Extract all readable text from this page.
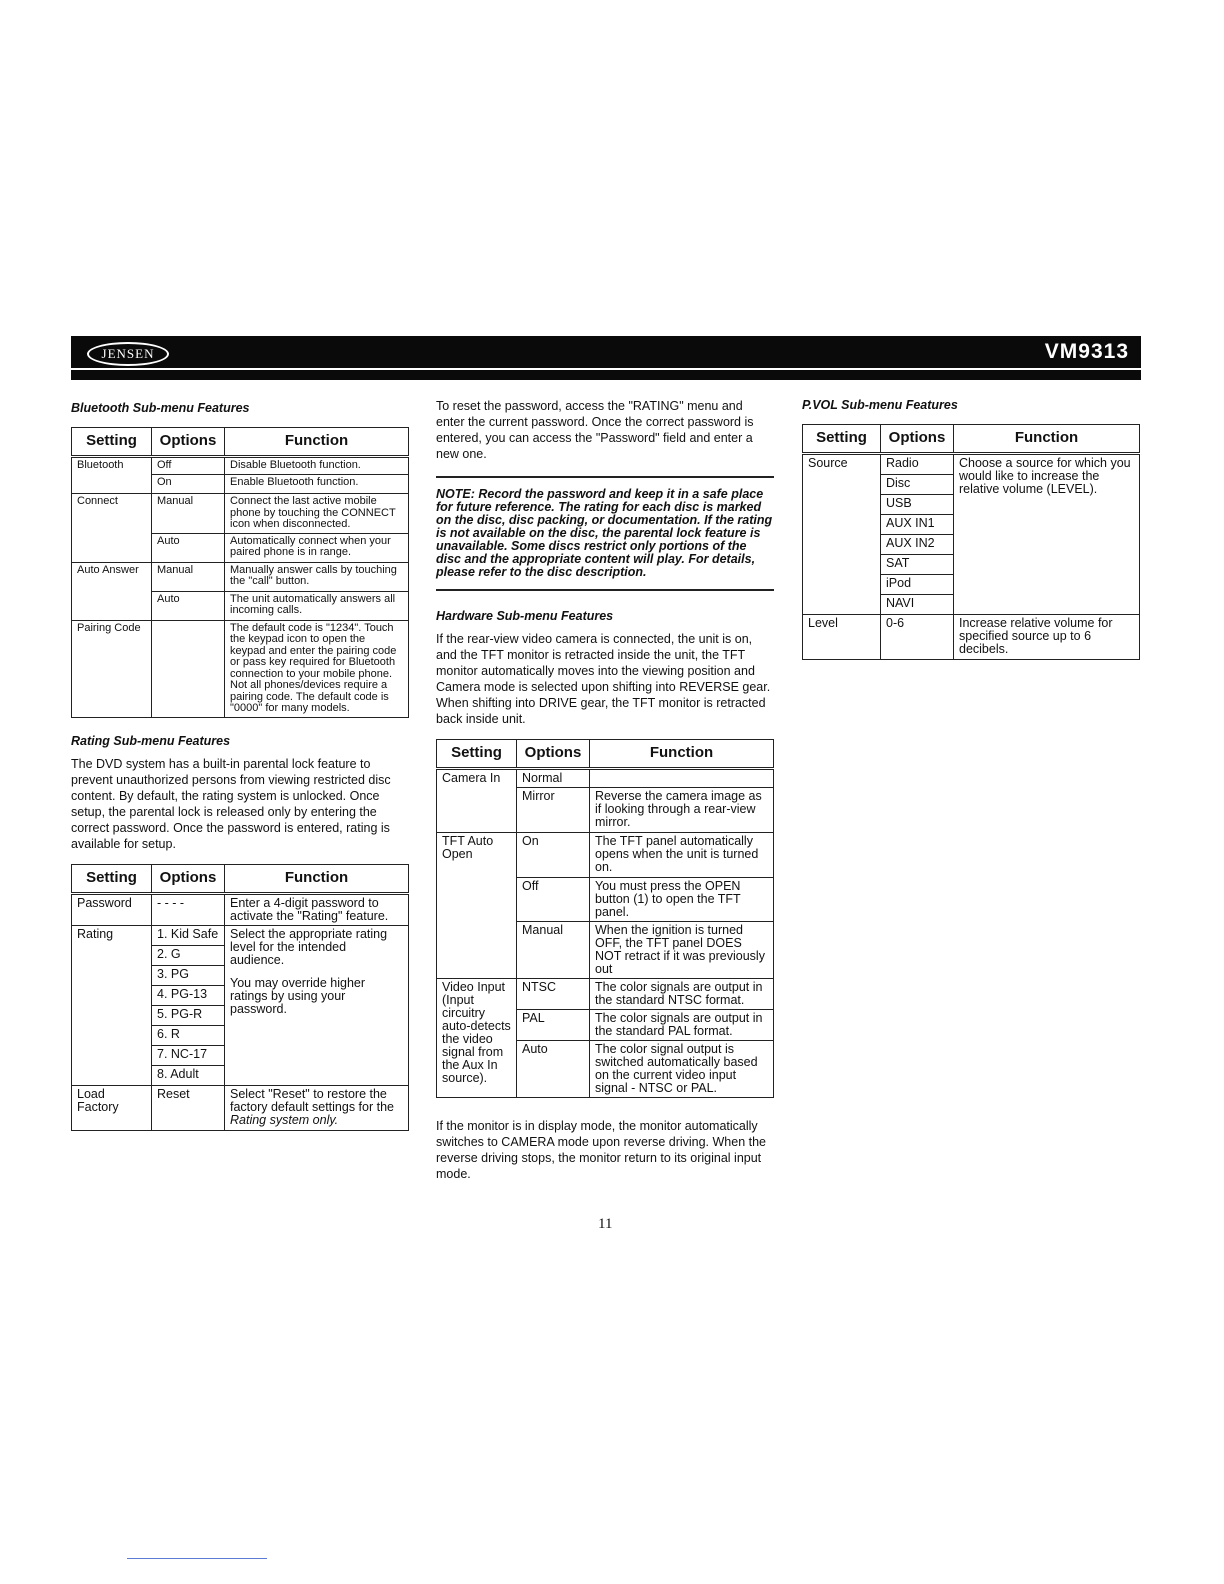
JENSEN	VM9313
Bluetooth Sub-menu Features
Setting	Options	Function
Bluetooth	Off	Disable Bluetooth function.
	On	Enable Bluetooth function.
Connect	Manual	Connect the last active mobile phone by touching the CONNECT icon when disconnected.
	Auto	Automatically connect when your paired phone is in range.
Auto Answer	Manual	Manually answer calls by touching the "call" button.
	Auto	The unit automatically answers all incoming calls.
Pairing Code		The default code is "1234". Touch the keypad icon to open the keypad and enter the pairing code or pass key required for Bluetooth connection to your mobile phone. Not all phones/devices require a pairing code. The default code is "0000" for many models.
Rating Sub-menu Features

The DVD system has a built-in parental lock feature to prevent unauthorized persons from viewing restricted disc content. By default, the rating system is unlocked. Once setup, the parental lock is released only by entering the correct password. Once the password is entered, rating is available for setup.

Setting	Options	Function
Password	- - - -	Enter a 4-digit password to activate the "Rating" feature.
Rating	1. Kid Safe	Select the appropriate rating level for the intended audience.
You may override higher ratings by using your password.

	2. G	
	3. PG	
	4. PG-13	
	5. PG-R	
	6. R	
	7. NC-17	
	8. Adult	
Load Factory	Reset	Select "Reset" to restore the factory default settings for the Rating system only.

To reset the password, access the "RATING" menu and enter the current password. Once the correct password is entered, you can access the "Password" field and enter a new one.

NOTE: Record the password and keep it in a safe place for future reference. The rating for each disc is marked on the disc, disc packing, or documentation. If the rating is not available on the disc, the parental lock feature is unavailable. Some discs restrict only portions of the disc and the appropriate content will play. For details, please refer to the disc description.
Hardware Sub-menu Features

If the rear-view video camera is connected, the unit is on, and the TFT monitor is retracted inside the unit, the TFT monitor automatically moves into the viewing position and Camera mode is selected upon shifting into REVERSE gear. When shifting into DRIVE gear, the TFT monitor is retracted back inside unit.

Setting	Options	Function
Camera In	Normal	
	Mirror	Reverse the camera image as if looking through a rear-view mirror.
TFT Auto Open	On	The TFT panel automatically opens when the unit is turned on.
	Off	You must press the OPEN button (1) to open the TFT panel.
	Manual	When the ignition is turned OFF, the TFT panel DOES NOT retract if it was previously out
Video Input (Input circuitry auto-detects the video signal from the Aux In source).	NTSC	The color signals are output in the standard NTSC format.
	PAL	The color signals are output in the standard PAL format.
	Auto	The color signal output is switched automatically based on the current video input signal - NTSC or PAL.

If the monitor is in display mode, the monitor automatically switches to CAMERA mode upon reverse driving. When the reverse driving stops, the monitor return to its original input mode.

P.VOL Sub-menu Features
Setting	Options	Function
Source	Radio	Choose a source for which you would like to increase the relative volume (LEVEL).
	Disc	
	USB	
	AUX IN1	
	AUX IN2	
	SAT	
	iPod	
	NAVI	
Level	0-6	Increase relative volume for specified source up to 6 decibels.
11
